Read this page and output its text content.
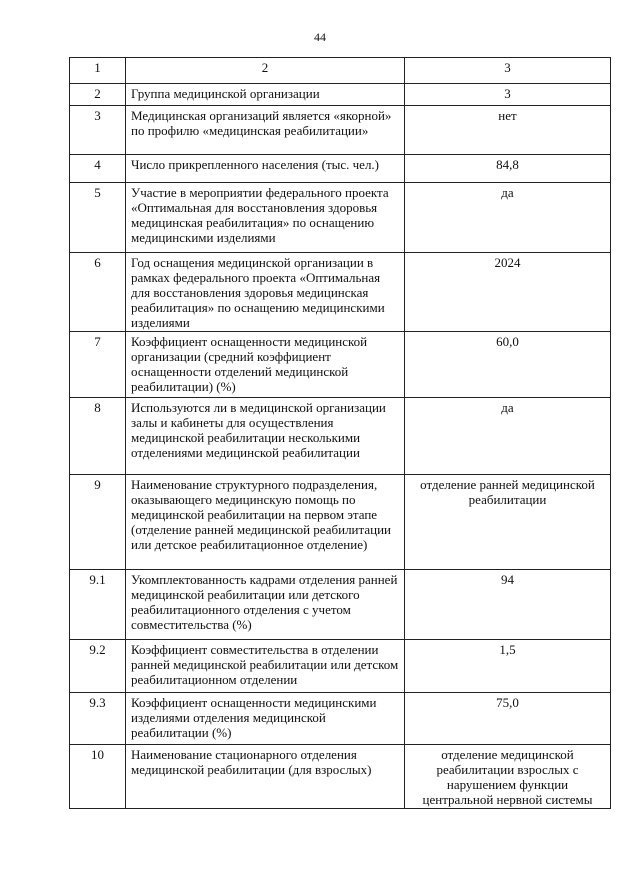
44
1	2	3
2	Группа медицинской организации	3
3	Медицинская организаций является «якорной» по профилю «медицинская реабилитации»	нет
4	Число прикрепленного населения (тыс. чел.)	84,8
5	Участие в мероприятии федерального проекта «Оптимальная для восстановления здоровья медицинская реабилитация» по оснащению медицинскими изделиями	да
6	Год оснащения медицинской организации в рамках федерального проекта «Оптимальная для восстановления здоровья медицинская реабилитация» по оснащению медицинскими изделиями	2024
7	Коэффициент оснащенности медицинской организации (средний коэффициент оснащенности отделений медицинской реабилитации) (%)	60,0
8	Используются ли в медицинской организации залы и кабинеты для осуществления медицинской реабилитации несколькими отделениями медицинской реабилитации	да
9	Наименование структурного подразделения, оказывающего медицинскую помощь по медицинской реабилитации на первом этапе (отделение ранней медицинской реабилитации или детское реабилитационное отделение)	отделение ранней медицинской реабилитации
9.1	Укомплектованность кадрами отделения ранней медицинской реабилитации или детского реабилитационного отделения с учетом совместительства (%)	94
9.2	Коэффициент совместительства в отделении ранней медицинской реабилитации или детском реабилитационном отделении	1,5
9.3	Коэффициент оснащенности медицинскими изделиями отделения медицинской реабилитации (%)	75,0
10	Наименование стационарного отделения медицинской реабилитации (для взрослых)	отделение медицинской реабилитации взрослых с нарушением функции центральной нервной системы
